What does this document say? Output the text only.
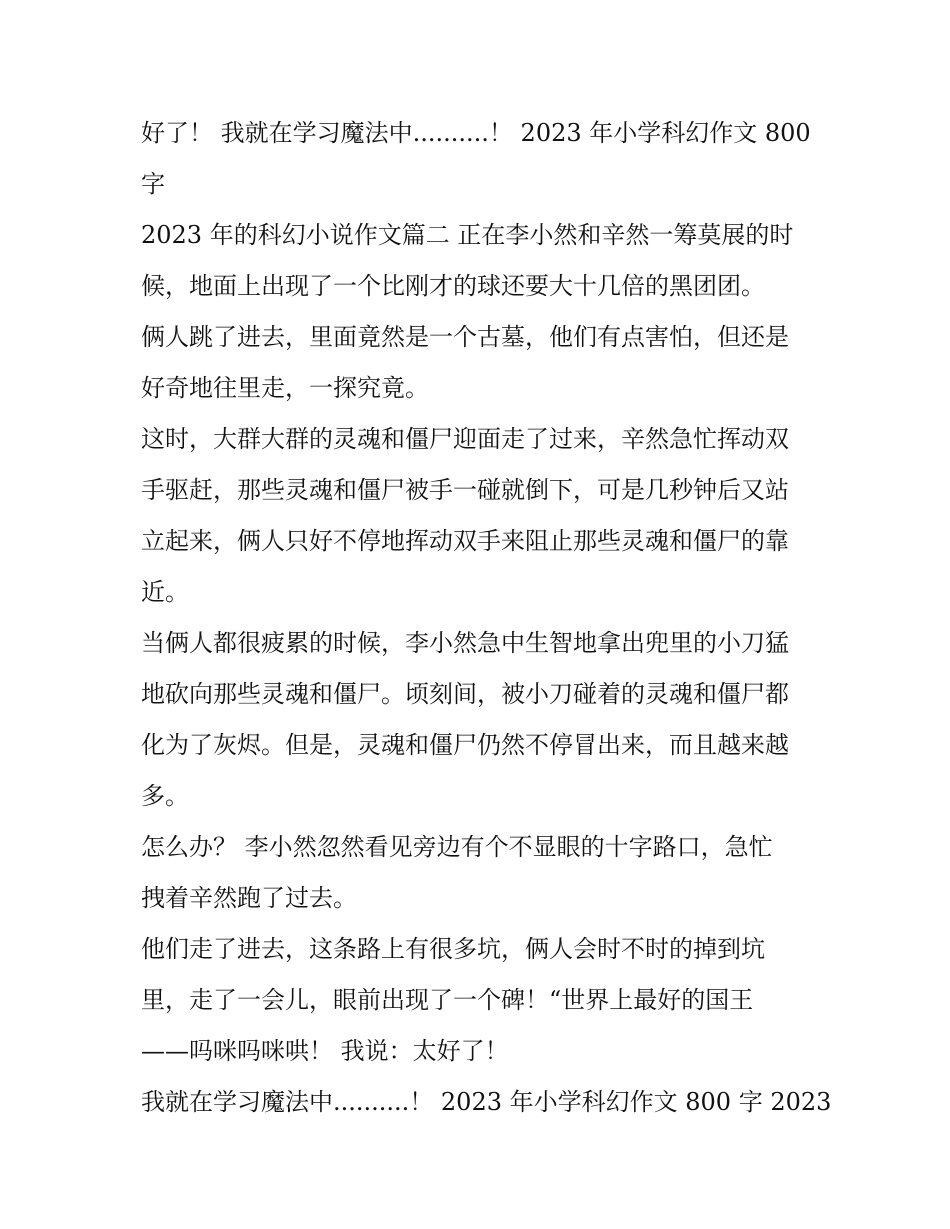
好了！ 我就在学习魔法中..........！ 2023 年小学科幻作文 800
字

2023 年的科幻小说作文篇二 正在李小然和辛然一筹莫展的时
候，地面上出现了一个比刚才的球还要大十几倍的黑团团。

俩人跳了进去，里面竟然是一个古墓，他们有点害怕，但还是
好奇地往里走，一探究竟。

这时，大群大群的灵魂和僵尸迎面走了过来，辛然急忙挥动双
手驱赶，那些灵魂和僵尸被手一碰就倒下，可是几秒钟后又站
立起来，俩人只好不停地挥动双手来阻止那些灵魂和僵尸的靠
近。

当俩人都很疲累的时候，李小然急中生智地拿出兜里的小刀猛
地砍向那些灵魂和僵尸。顷刻间，被小刀碰着的灵魂和僵尸都
化为了灰烬。但是，灵魂和僵尸仍然不停冒出来，而且越来越
多。

怎么办？ 李小然忽然看见旁边有个不显眼的十字路口，急忙
拽着辛然跑了过去。

他们走了进去，这条路上有很多坑，俩人会时不时的掉到坑
里，走了一会儿，眼前出现了一个碑！“世界上最好的国王
——吗咪吗咪哄！ 我说：太好了！

我就在学习魔法中..........！ 2023 年小学科幻作文 800 字 2023
